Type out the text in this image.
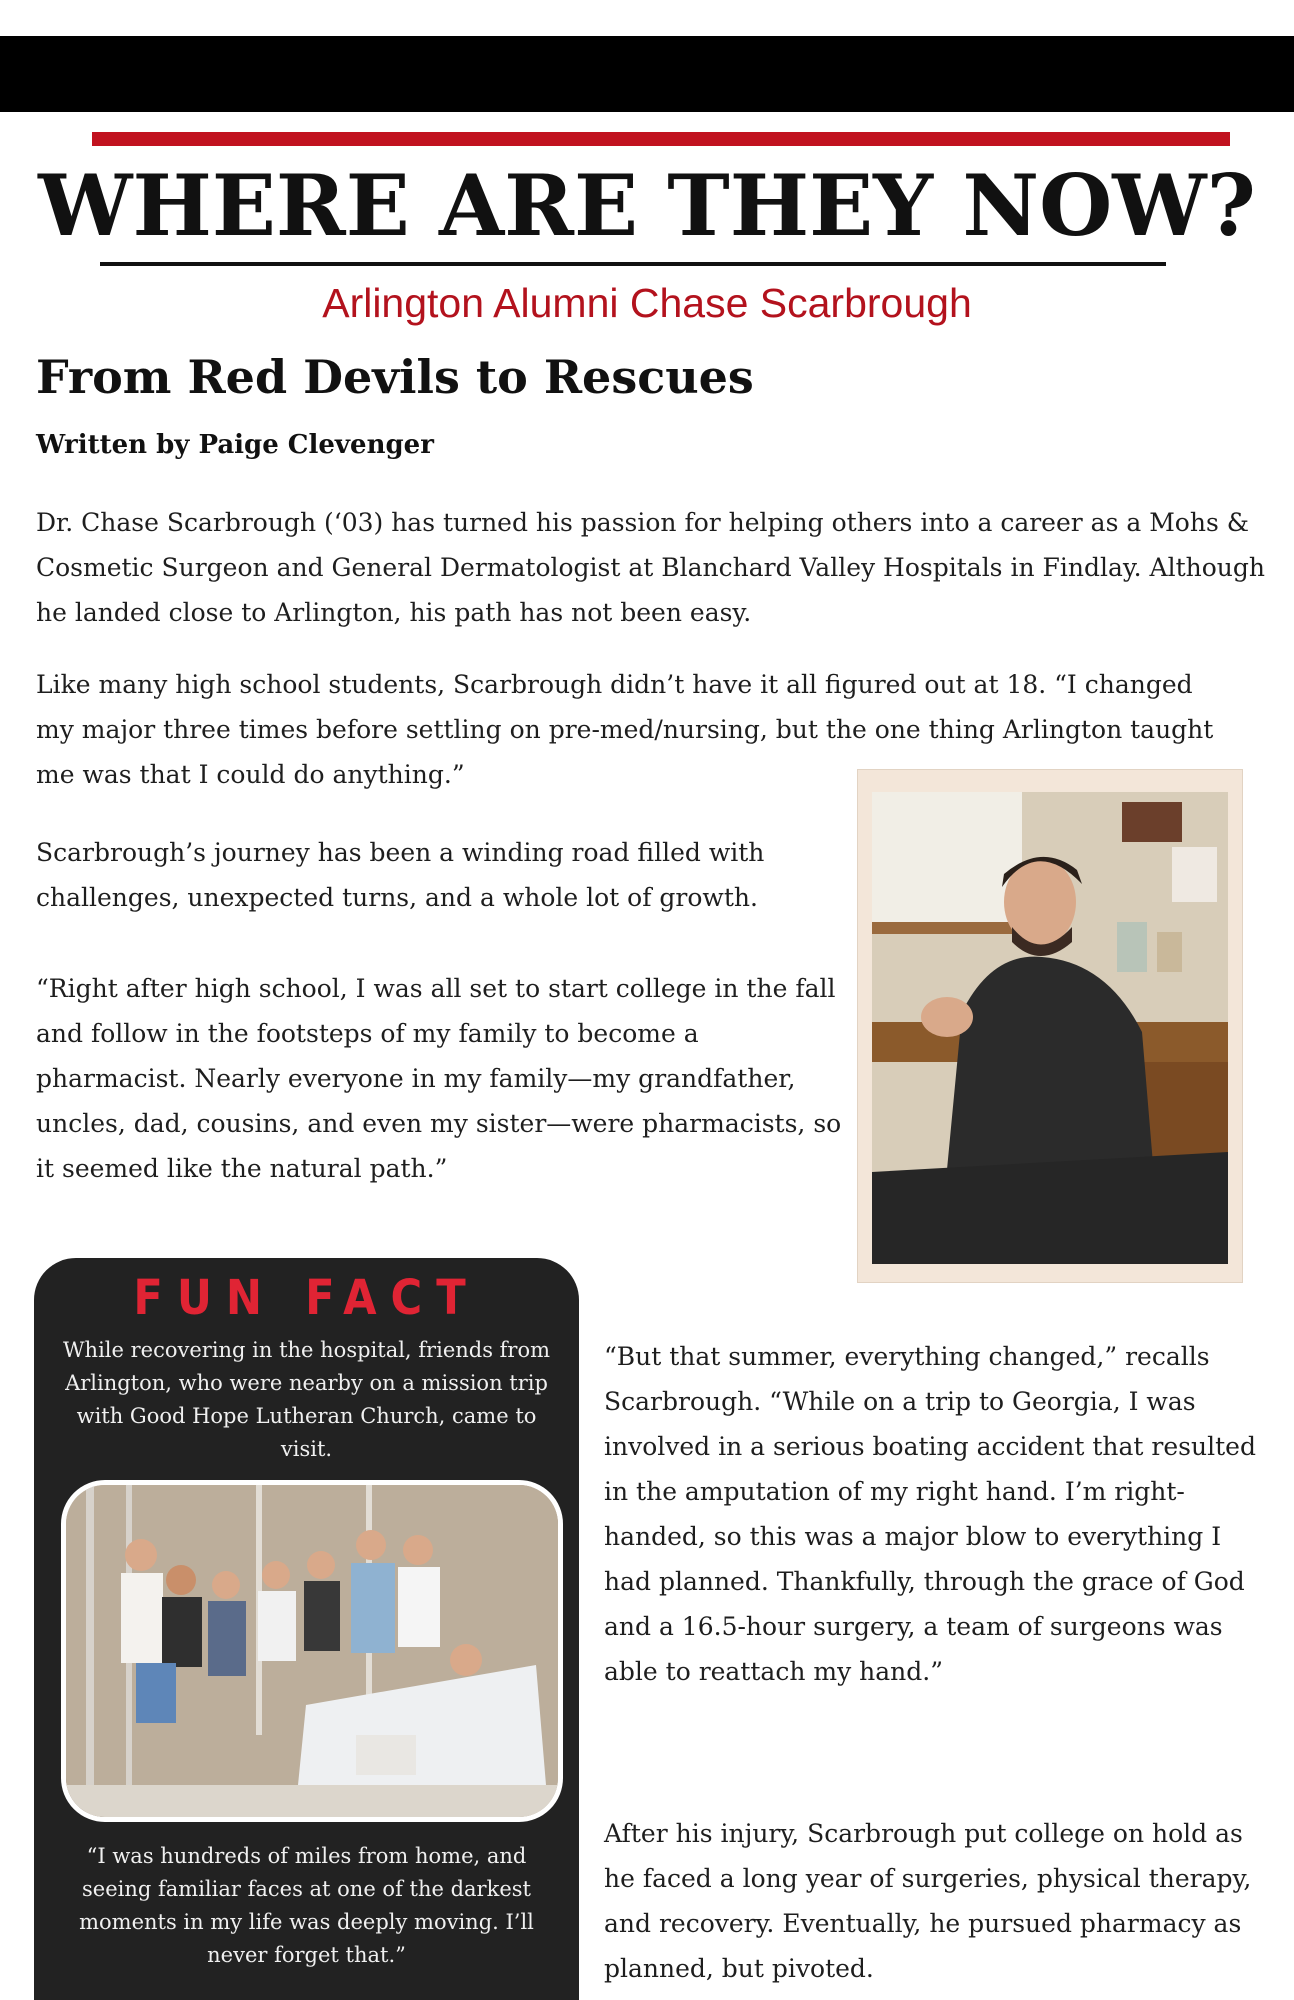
WHERE ARE THEY NOW?
Arlington Alumni Chase Scarbrough
From Red Devils to Rescues
Written by Paige Clevenger

Dr. Chase Scarbrough (‘03) has turned his passion for helping others into a career as a Mohs & Cosmetic Surgeon and General Dermatologist at Blanchard Valley Hospitals in Findlay. Although he landed close to Arlington, his path has not been easy.

Like many high school students, Scarbrough didn’t have it all figured out at 18. “I changed my major three times before settling on pre-med/nursing, but the one thing Arlington taught me was that I could do anything.”

Scarbrough’s journey has been a winding road filled with challenges, unexpected turns, and a whole lot of growth.

“Right after high school, I was all set to start college in the fall and follow in the footsteps of my family to become a pharmacist. Nearly everyone in my family—my grandfather, uncles, dad, cousins, and even my sister—were pharmacists, so it seemed like the natural path.”

“But that summer, everything changed,” recalls Scarbrough. “While on a trip to Georgia, I was involved in a serious boating accident that resulted in the amputation of my right hand. I’m right-handed, so this was a major blow to everything I had planned. Thankfully, through the grace of God and a 16.5-hour surgery, a team of surgeons was able to reattach my hand.”

After his injury, Scarbrough put college on hold as he faced a long year of surgeries, physical therapy, and recovery. Eventually, he pursued pharmacy as planned, but pivoted.

FUN FACT

While recovering in the hospital, friends from Arlington, who were nearby on a mission trip with Good Hope Lutheran Church, came to visit.

“I was hundreds of miles from home, and seeing familiar faces at one of the darkest moments in my life was deeply moving. I’ll never forget that.”
